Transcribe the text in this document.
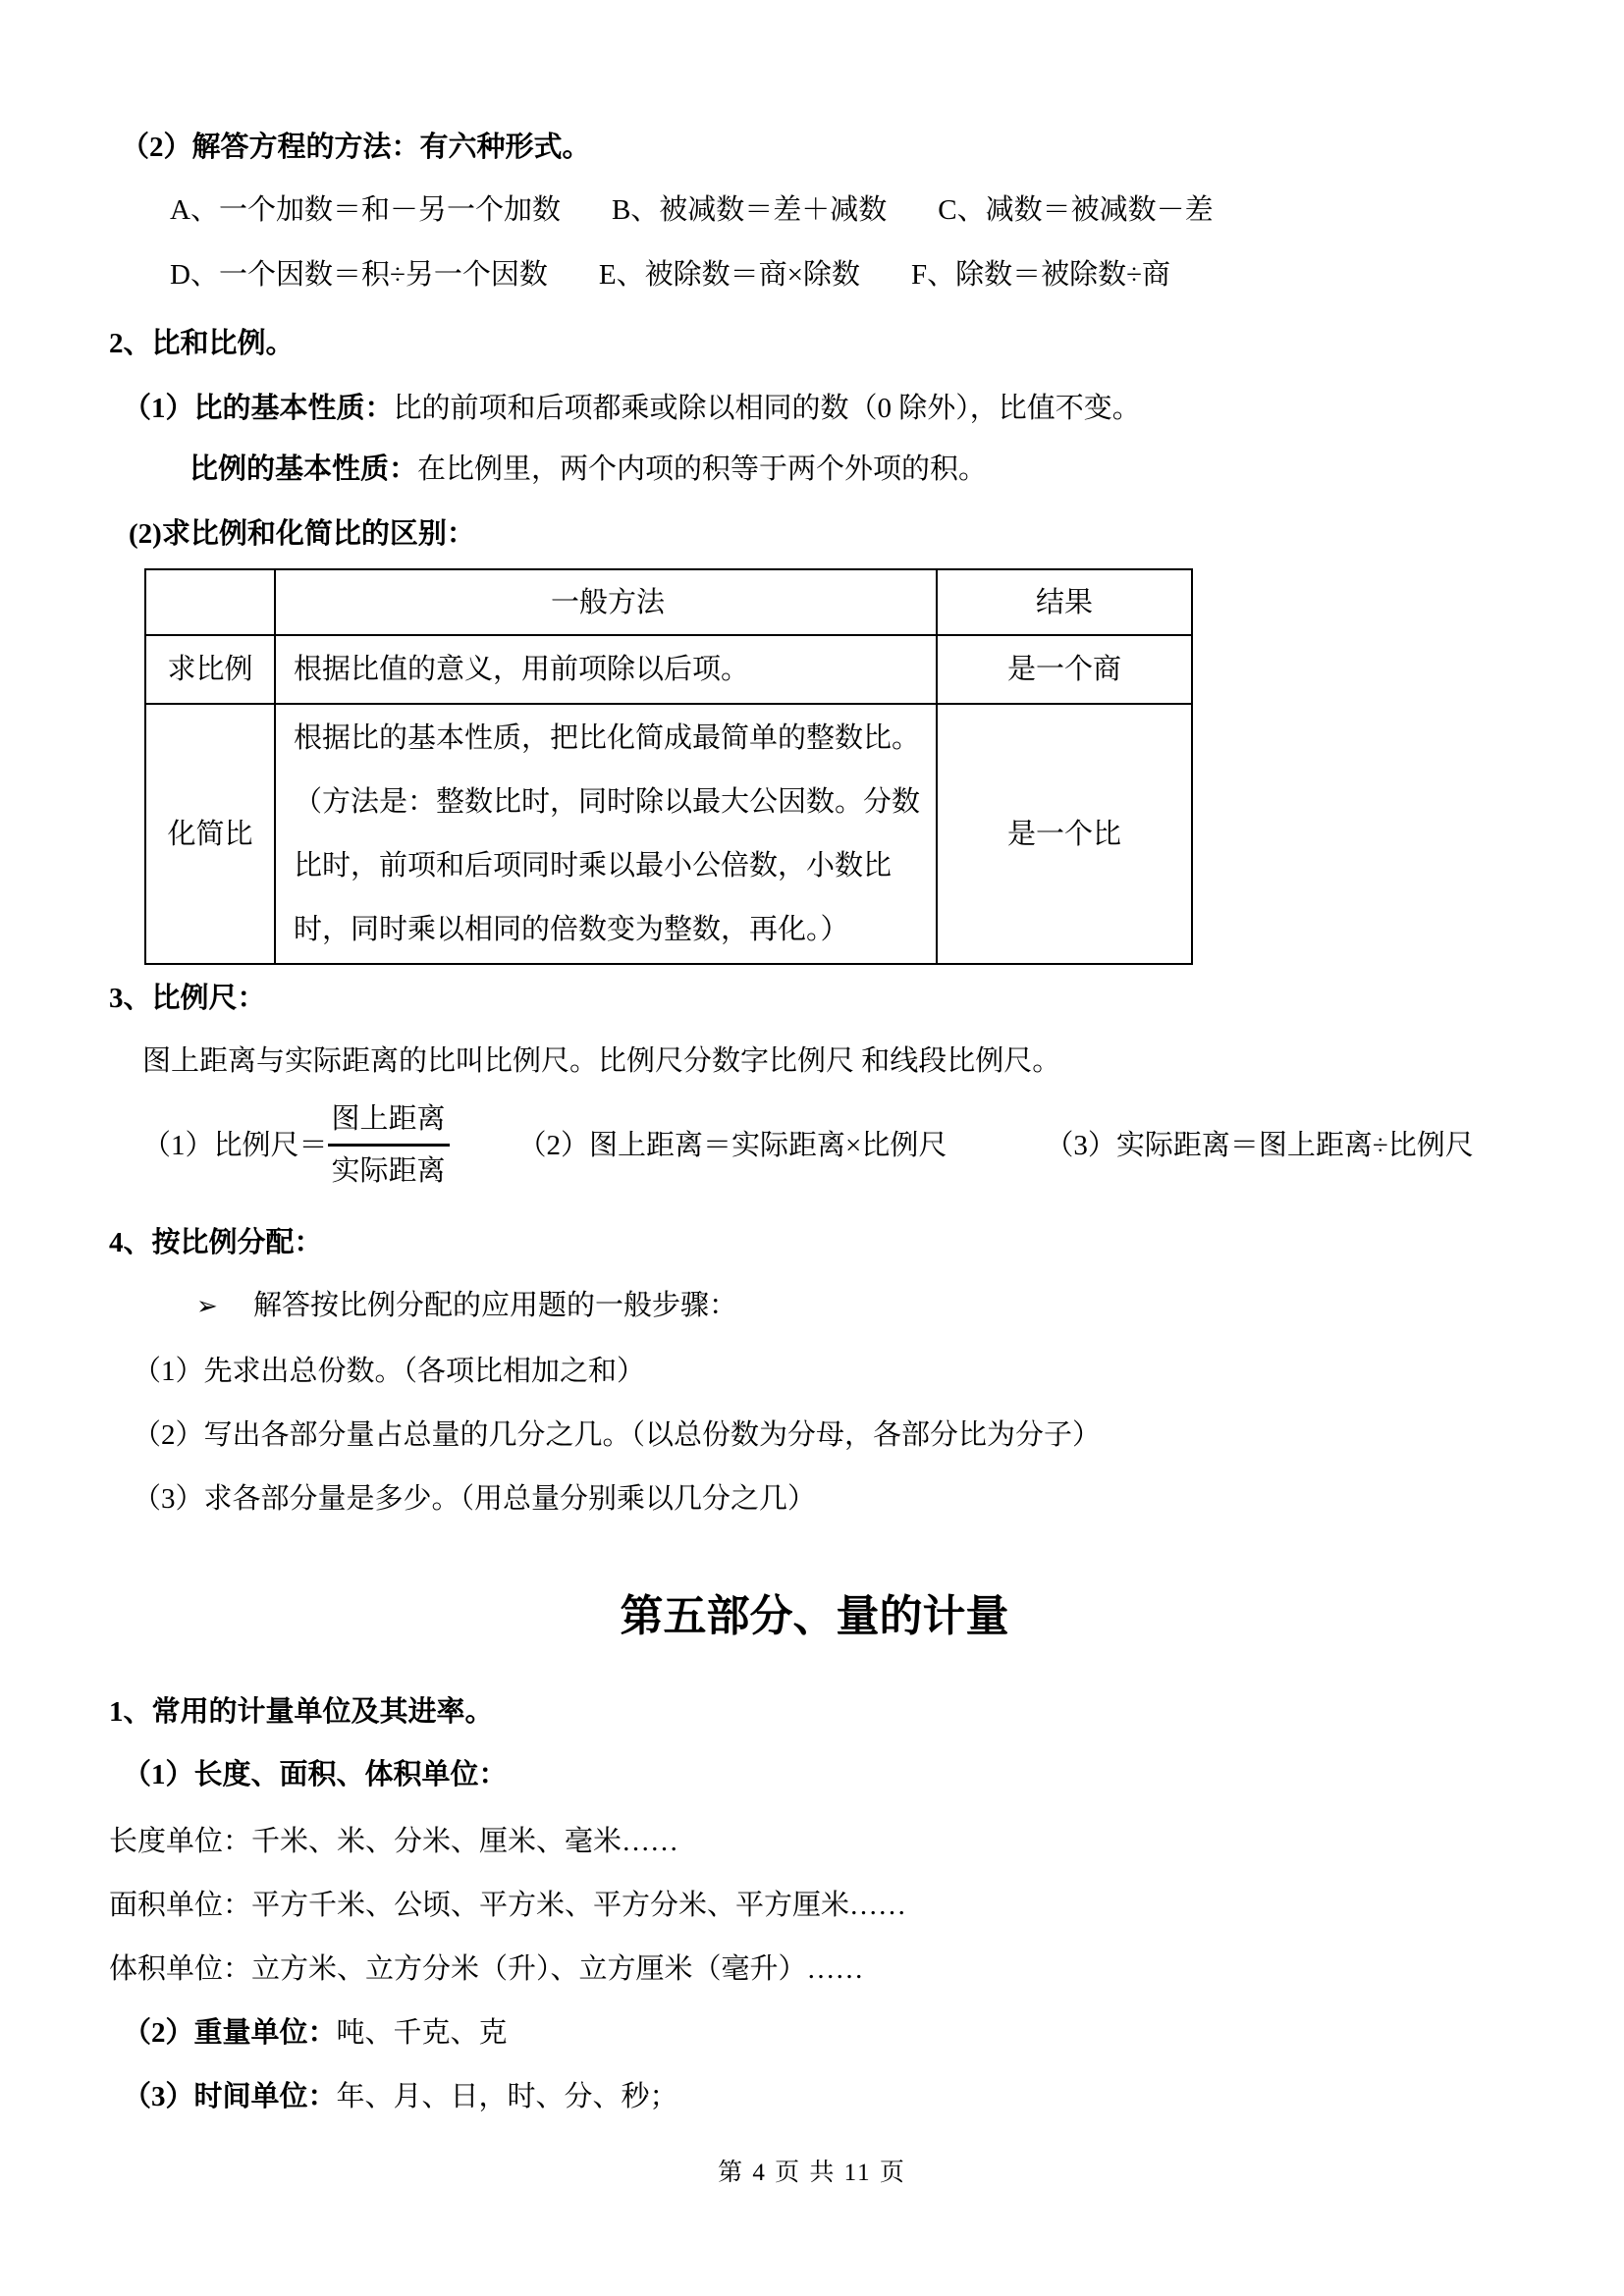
（2）解答方程的方法：有六种形式。

A、一个加数＝和－另一个加数 B、被减数＝差＋减数 C、减数＝被减数－差
D、一个因数＝积÷另一个因数 E、被除数＝商×除数 F、除数＝被除数÷商

2、比和比例。

（1）比的基本性质：比的前项和后项都乘或除以相同的数（0 除外），比值不变。

比例的基本性质：在比例里，两个内项的积等于两个外项的积。

(2)求比例和化简比的区别：

	一般方法	结果
求比例	根据比值的意义，用前项除以后项。	是一个商
化简比	根据比的基本性质，把比化简成最简单的整数比。（方法是：整数比时，同时除以最大公因数。分数比时，前项和后项同时乘以最小公倍数，小数比时，同时乘以相同的倍数变为整数，再化。）	是一个比

3、比例尺：

图上距离与实际距离的比叫比例尺。比例尺分数字比例尺 和线段比例尺。

（1）比例尺＝ $\frac{\text{图上距离}}{\text{实际距离}} (2)$图上距离＝实际距离×比例尺	（3）实际距离＝图上距离÷比例尺

4、按比例分配：

➢ 解答按比例分配的应用题的一般步骤：

（1）先求出总份数。（各项比相加之和）

（2）写出各部分量占总量的几分之几。（以总份数为分母，各部分比为分子）

（3）求各部分量是多少。（用总量分别乘以几分之几）

第五部分、量的计量

1、常用的计量单位及其进率。

（1）长度、面积、体积单位：

长度单位：千米、米、分米、厘米、毫米……

面积单位：平方千米、公顷、平方米、平方分米、平方厘米……

体积单位：立方米、立方分米（升）、立方厘米（毫升）……

（2）重量单位：吨、千克、克

（3）时间单位：年、月、日，时、分、秒；

第 4 页 共 11 页
